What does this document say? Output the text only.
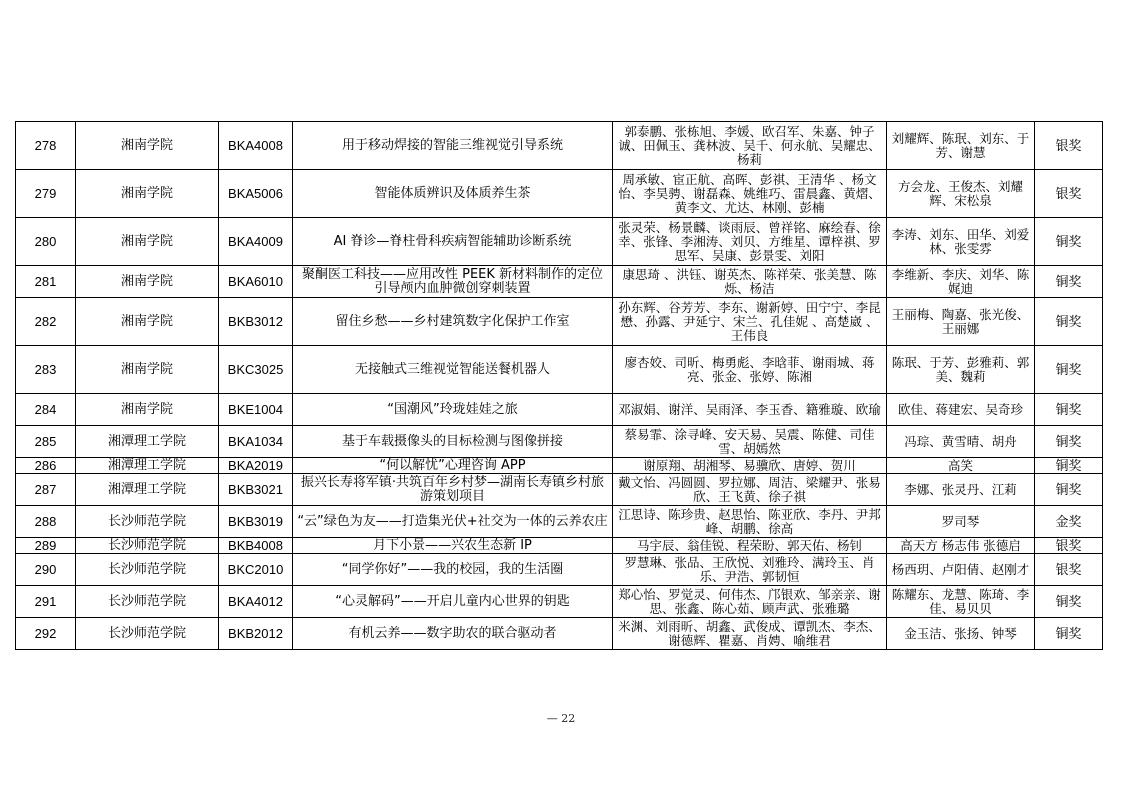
278	湘南学院	BKA4008	用于移动焊接的智能三维视觉引导系统	郭泰鹏、张栋旭、李媛、欧召军、朱嘉、钟子诚、田佩玉、龚林波、吴千、何永航、吴耀忠、杨莉	刘耀辉、陈珉、刘东、于芳、谢慧	银奖
279	湘南学院	BKA5006	智能体质辨识及体质养生茶	周承敏、宦正航、高晖、彭祺、王清华 、杨文怡、李昊骋、谢磊森、姚维巧、雷晨鑫、黄熠、黄李文、尤达、林刚、彭楠	方会龙、王俊杰、刘耀辉、宋松泉	银奖
280	湘南学院	BKA4009	AI 脊诊—脊柱骨科疾病智能辅助诊断系统	张灵荣、杨景麟、谈雨辰、曾祥铭、麻绘春、徐幸、张锋、李湘涛、刘贝、方维星、谭梓祺、罗思军、吴康、彭景雯、刘阳	李涛、刘东、田华、刘爱林、张雯雰	铜奖
281	湘南学院	BKA6010	聚酮医工科技——应用改性 PEEK 新材料制作的定位引导颅内血肿微创穿刺装置	康思琦 、洪钰、谢英杰、陈祥荣、张美慧、陈烁、杨洁	李维新、李庆、刘华、陈娓迪	铜奖
282	湘南学院	BKB3012	留住乡愁——乡村建筑数字化保护工作室	孙东辉、谷芳芳、李东、谢新婷、田宁宁、李昆懋、孙露、尹延宁、宋兰、孔佳妮 、高楚崴 、王伟良	王丽梅、陶嘉、张光俊、王丽娜	铜奖
283	湘南学院	BKC3025	无接触式三维视觉智能送餐机器人	廖杏姣、司昕、梅勇彪、李晗菲、谢雨城、蒋亮、张金、张婷、陈湘	陈珉、于芳、彭雅莉、郭美、魏莉	铜奖
284	湘南学院	BKE1004	“国潮风”玲珑娃娃之旅	邓淑娟、谢洋、吴雨泽、李玉香、籍雅璇、欧瑜	欧佳、蒋建宏、吴奇珍	铜奖
285	湘潭理工学院	BKA1034	基于车载摄像头的目标检测与图像拼接	蔡易霏、涂寻峰、安天易、吴震、陈健、司佳雪、胡嫣然	冯琮、黄雪晴、胡舟	铜奖
286	湘潭理工学院	BKA2019	“何以解忧”心理咨询 APP	谢原翔、胡湘琴、易骥欣、唐婷、贺川	高笑	铜奖
287	湘潭理工学院	BKB3021	振兴长寿将军镇·共筑百年乡村梦—湖南长寿镇乡村旅游策划项目	戴文怡、冯圆圆、罗拉娜、周洁、梁耀尹、张易欣、王飞黄、徐子祺	李娜、张灵丹、江莉	铜奖
288	长沙师范学院	BKB3019	“云”绿色为友——打造集光伏+社交为一体的云养农庄	江思诗、陈珍贵、赵思怡、陈亚欣、李丹、尹邦峰、胡鹏、徐高	罗司琴	金奖
289	长沙师范学院	BKB4008	月下小景——兴农生态新 IP	马宇辰、翁佳锐、程荣盼、郭天佑、杨钊	高天方 杨志伟 张德启	银奖
290	长沙师范学院	BKC2010	“同学你好”——我的校园，我的生活圈	罗慧琳、张品、王欣悦、刘雅玲、满玲玉、肖乐、尹浩、郭韧恒	杨西玥、卢阳倩、赵刚才	银奖
291	长沙师范学院	BKA4012	“心灵解码”——开启儿童内心世界的钥匙	郑心怡、罗觉灵、何伟杰、邝银欢、邹亲亲、谢思、张鑫、陈心茹、顾声武、张雅璐	陈耀东、龙慧、陈琦、李佳、易贝贝	铜奖
292	长沙师范学院	BKB2012	有机云养——数字助农的联合驱动者	米渊、刘雨昕、胡鑫、武俊成、谭凯杰、李杰、谢德辉、瞿嘉、肖娉、喻维君	金玉洁、张扬、钟琴	铜奖
— 22
